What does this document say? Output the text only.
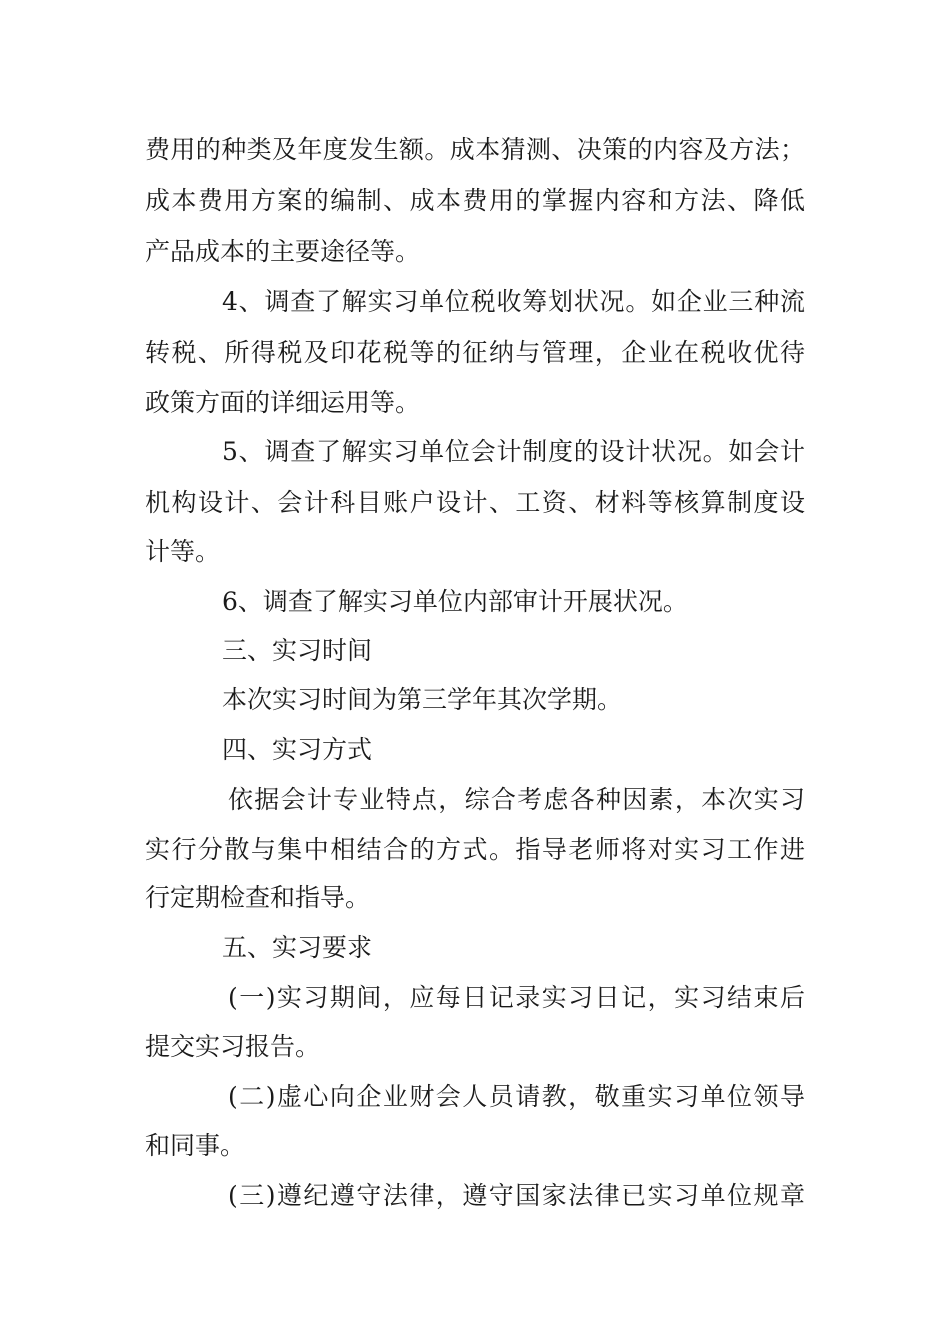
费用的种类及年度发生额。成本猜测、决策的内容及方法；
成本费用方案的编制、成本费用的掌握内容和方法、降低
产品成本的主要途径等。
4、调查了解实习单位税收筹划状况。如企业三种流
转税、所得税及印花税等的征纳与管理，企业在税收优待
政策方面的详细运用等。
5、调查了解实习单位会计制度的设计状况。如会计
机构设计、会计科目账户设计、工资、材料等核算制度设
计等。
6、调查了解实习单位内部审计开展状况。
三、实习时间
本次实习时间为第三学年其次学期。
四、实习方式
依据会计专业特点，综合考虑各种因素，本次实习
实行分散与集中相结合的方式。指导老师将对实习工作进
行定期检查和指导。
五、实习要求
(一)实习期间，应每日记录实习日记，实习结束后
提交实习报告。
(二)虚心向企业财会人员请教，敬重实习单位领导
和同事。
(三)遵纪遵守法律，遵守国家法律已实习单位规章
